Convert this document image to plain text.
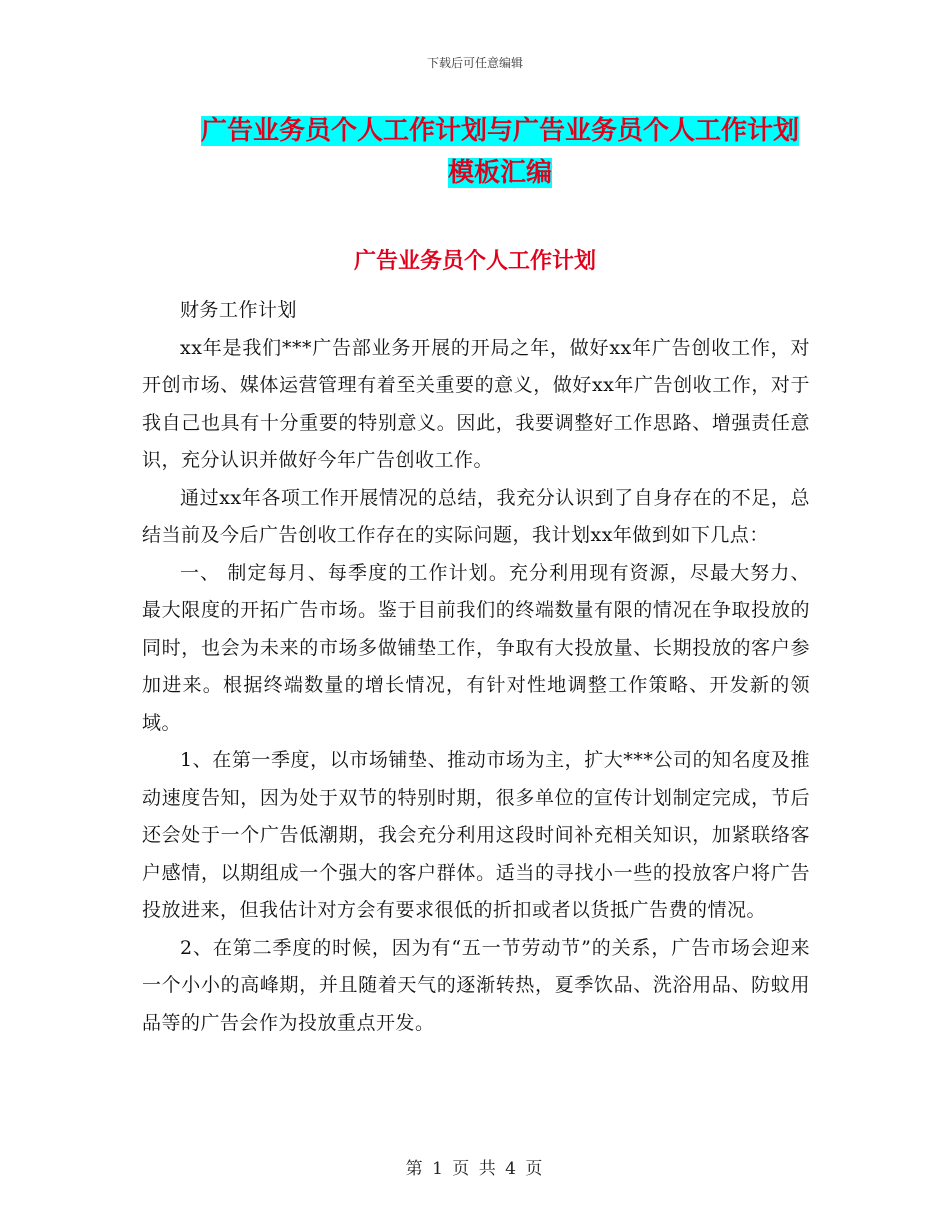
下载后可任意编辑
广告业务员个人工作计划与广告业务员个人工作计划
模板汇编
广告业务员个人工作计划

财务工作计划

xx年是我们***广告部业务开展的开局之年，做好xx年广告创收工作，对开创市场、媒体运营管理有着至关重要的意义，做好xx年广告创收工作，对于我自己也具有十分重要的特别意义。因此，我要调整好工作思路、增强责任意识，充分认识并做好今年广告创收工作。

通过xx年各项工作开展情况的总结，我充分认识到了自身存在的不足，总结当前及今后广告创收工作存在的实际问题，我计划xx年做到如下几点：

一、 制定每月、每季度的工作计划。充分利用现有资源，尽最大努力、最大限度的开拓广告市场。鉴于目前我们的终端数量有限的情况在争取投放的同时，也会为未来的市场多做铺垫工作，争取有大投放量、长期投放的客户参加进来。根据终端数量的增长情况，有针对性地调整工作策略、开发新的领域。

1、在第一季度，以市场铺垫、推动市场为主，扩大***公司的知名度及推动速度告知，因为处于双节的特别时期，很多单位的宣传计划制定完成，节后还会处于一个广告低潮期，我会充分利用这段时间补充相关知识，加紧联络客户感情，以期组成一个强大的客户群体。适当的寻找小一些的投放客户将广告投放进来，但我估计对方会有要求很低的折扣或者以货抵广告费的情况。

2、在第二季度的时候，因为有“五一节劳动节”的关系，广告市场会迎来一个小小的高峰期，并且随着天气的逐渐转热，夏季饮品、洗浴用品、防蚊用品等的广告会作为投放重点开发。

第 1 页 共 4 页
